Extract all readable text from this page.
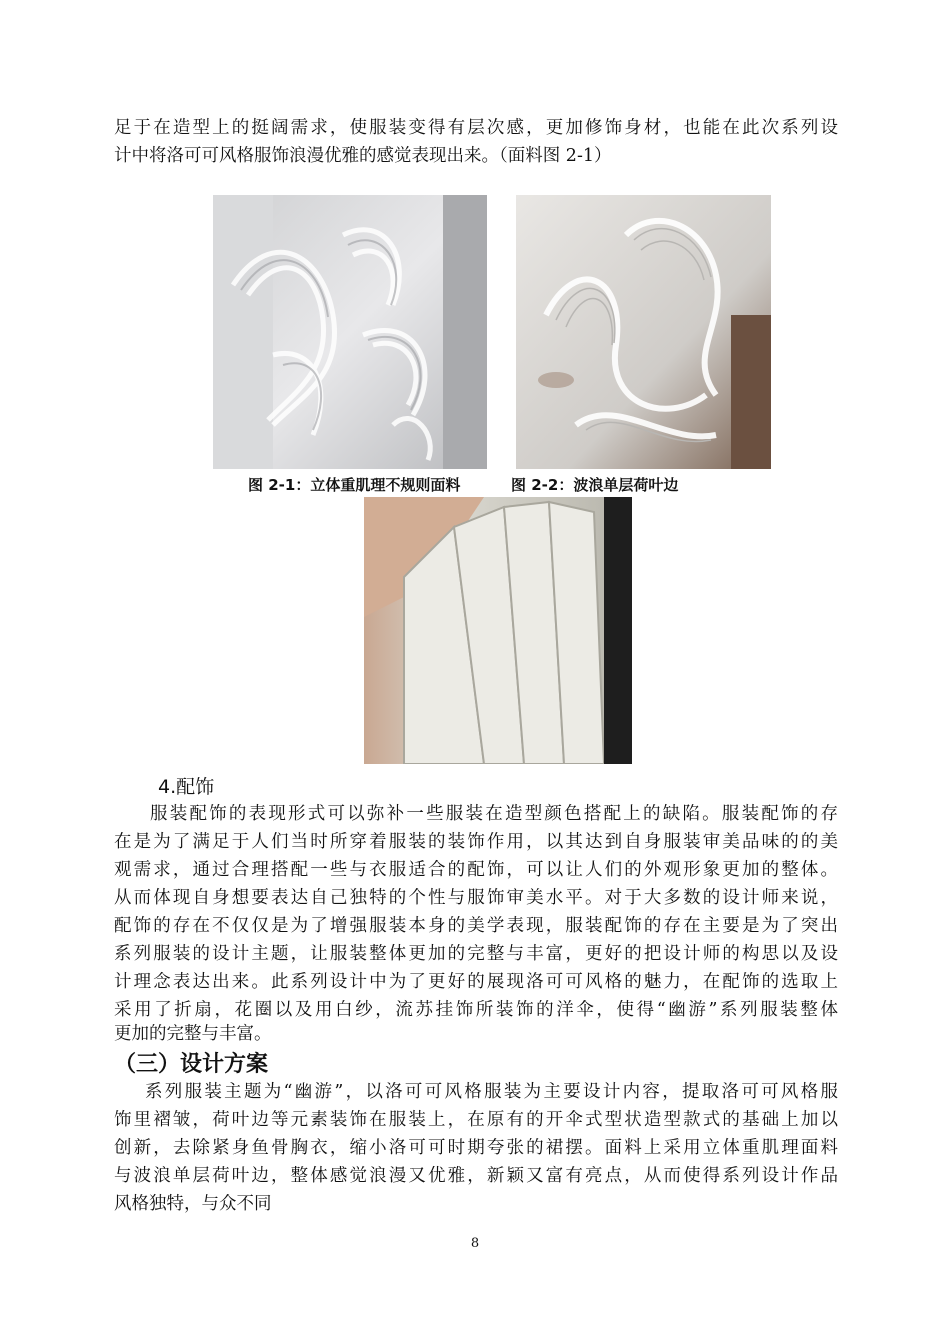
足于在造型上的挺阔需求，使服装变得有层次感，更加修饰身材，也能在此次系列设
计中将洛可可风格服饰浪漫优雅的感觉表现出来。（面料图 2-1）
图 2-1：立体重肌理不规则面料	图 2-2：波浪单层荷叶边
4.配饰
服装配饰的表现形式可以弥补一些服装在造型颜色搭配上的缺陷。服装配饰的存
在是为了满足于人们当时所穿着服装的装饰作用，以其达到自身服装审美品味的的美
观需求，通过合理搭配一些与衣服适合的配饰，可以让人们的外观形象更加的整体。
从而体现自身想要表达自己独特的个性与服饰审美水平。对于大多数的设计师来说，
配饰的存在不仅仅是为了增强服装本身的美学表现，服装配饰的存在主要是为了突出
系列服装的设计主题，让服装整体更加的完整与丰富，更好的把设计师的构思以及设
计理念表达出来。此系列设计中为了更好的展现洛可可风格的魅力，在配饰的选取上
采用了折扇，花圈以及用白纱，流苏挂饰所装饰的洋伞，使得“幽游”系列服装整体
更加的完整与丰富。
（三）设计方案
系列服装主题为“幽游”，以洛可可风格服装为主要设计内容，提取洛可可风格服
饰里褶皱，荷叶边等元素装饰在服装上，在原有的开伞式型状造型款式的基础上加以
创新，去除紧身鱼骨胸衣，缩小洛可可时期夸张的裙摆。面料上采用立体重肌理面料
与波浪单层荷叶边，整体感觉浪漫又优雅，新颖又富有亮点，从而使得系列设计作品
风格独特，与众不同
8
